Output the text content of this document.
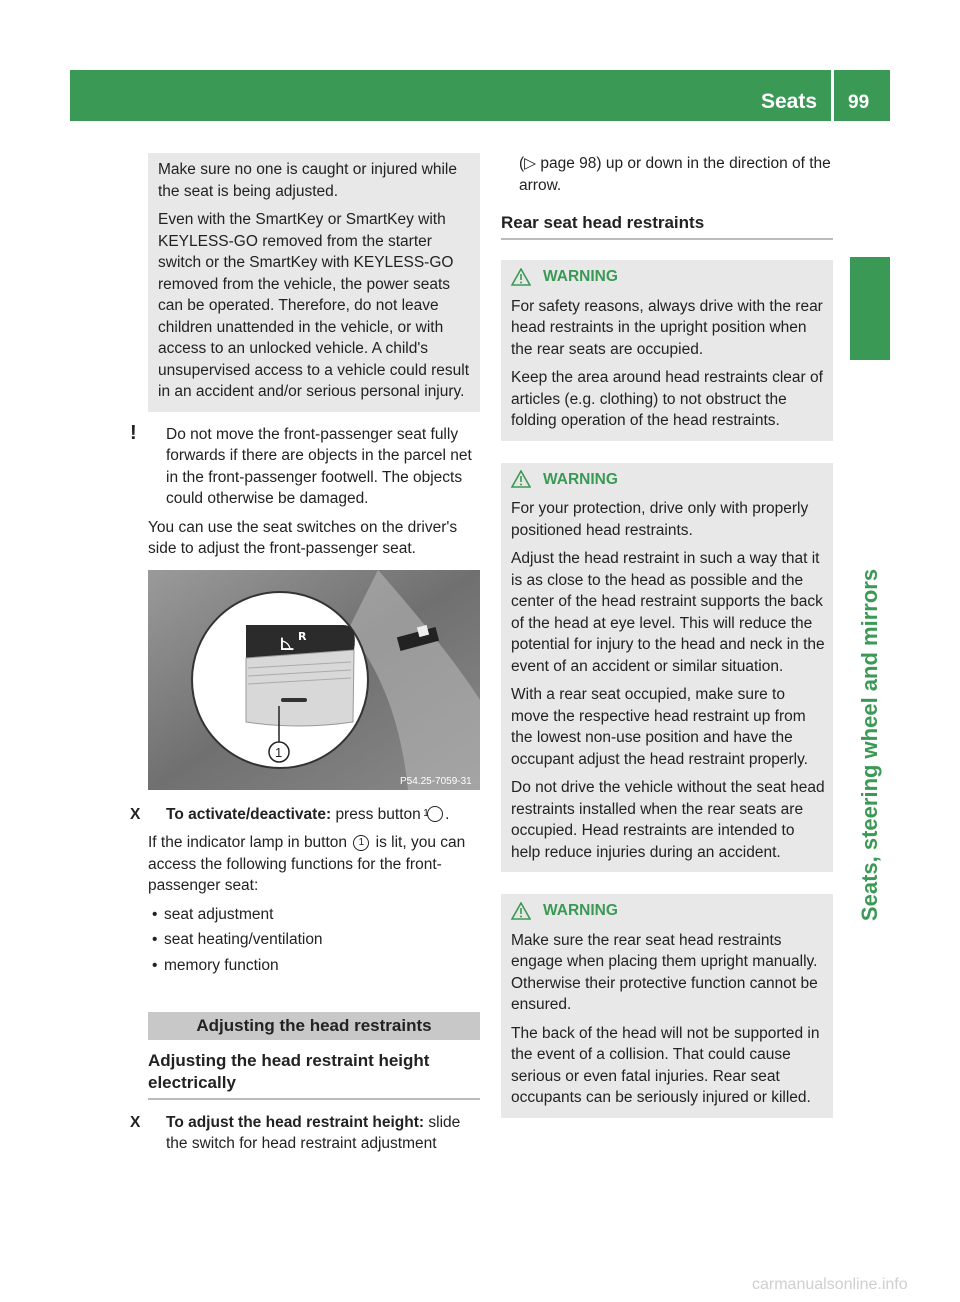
Seats 99
Seats, steering wheel and mirrors

Make sure no one is caught or injured while the seat is being adjusted.

Even with the SmartKey or SmartKey with KEYLESS-GO removed from the starter switch or the SmartKey with KEYLESS-GO removed from the vehicle, the power seats can be operated. Therefore, do not leave children unattended in the vehicle, or with access to an unlocked vehicle. A child's unsupervised access to a vehicle could result in an accident and/or serious personal injury.

! Do not move the front-passenger seat fully forwards if there are objects in the parcel net in the front-passenger footwell. The objects could otherwise be damaged.

You can use the seat switches on the driver's side to adjust the front-passenger seat.

⊾ R
1
P54.25-7059-31

X To activate/deactivate: press button 1 .

If the indicator lamp in button 1 is lit, you can access the following functions for the front-passenger seat:

• seat adjustment
• seat heating/ventilation
• memory function
Adjusting the head restraints
Adjusting the head restraint height electrically

X To adjust the head restraint height: slide the switch for head restraint adjustment

(▷ page 98) up or down in the direction of the arrow.

Rear seat head restraints
WARNING

For safety reasons, always drive with the rear head restraints in the upright position when the rear seats are occupied.

Keep the area around head restraints clear of articles (e.g. clothing) to not obstruct the folding operation of the head restraints.

WARNING

For your protection, drive only with properly positioned head restraints.

Adjust the head restraint in such a way that it is as close to the head as possible and the center of the head restraint supports the back of the head at eye level. This will reduce the potential for injury to the head and neck in the event of an accident or similar situation.

With a rear seat occupied, make sure to move the respective head restraint up from the lowest non-use position and have the occupant adjust the head restraint properly.

Do not drive the vehicle without the seat head restraints installed when the rear seats are occupied. Head restraints are intended to help reduce injuries during an accident.

WARNING

Make sure the rear seat head restraints engage when placing them upright manually. Otherwise their protective function cannot be ensured.

The back of the head will not be supported in the event of a collision. That could cause serious or even fatal injuries. Rear seat occupants can be seriously injured or killed.

carmanualsonline.info
